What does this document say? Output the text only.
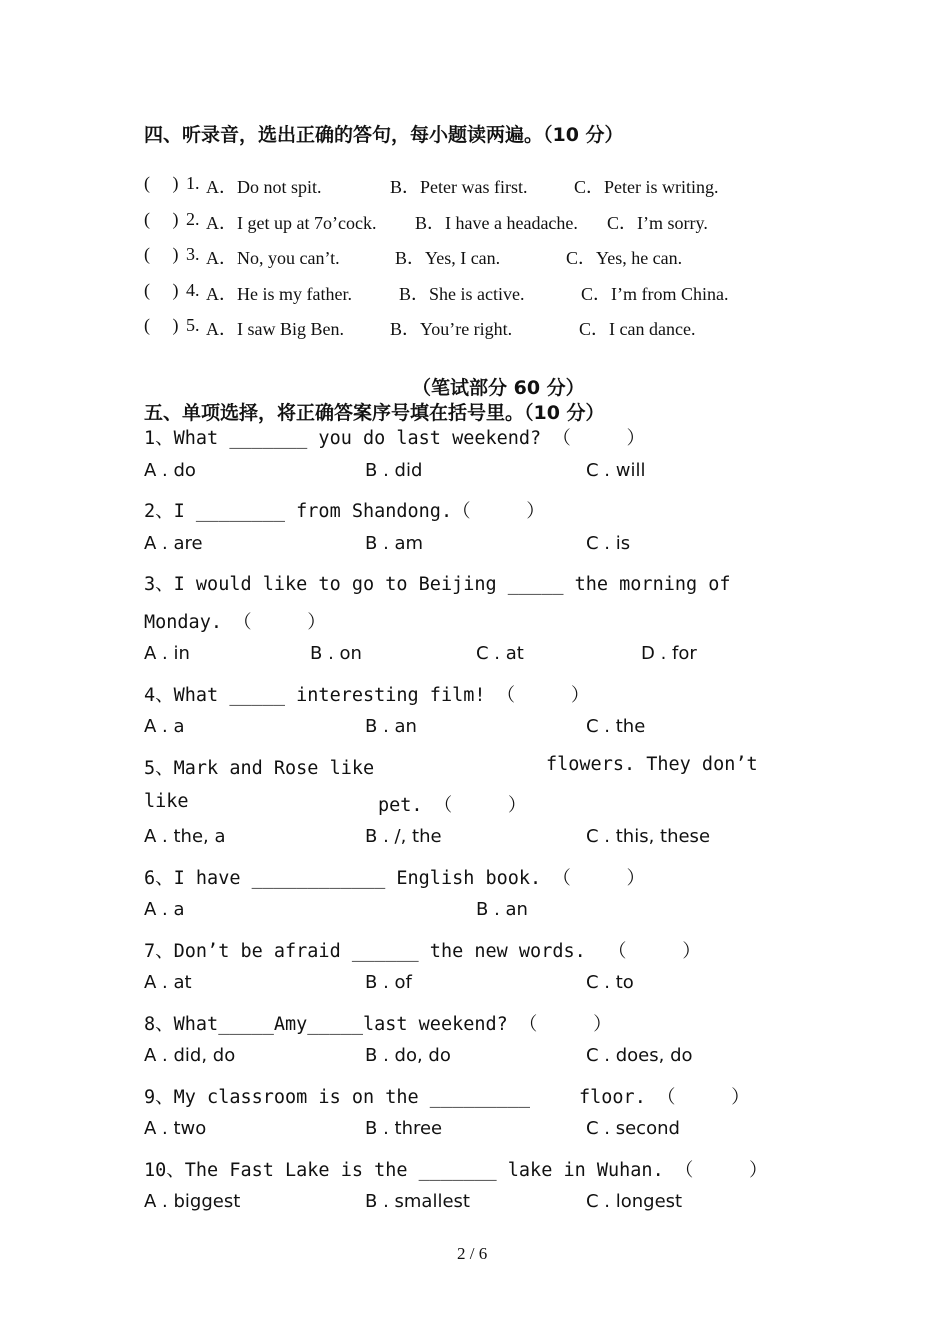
四、听录音，选出正确的答句，每小题读两遍。（10 分）
(     ) 1. A．Do not spit.	B．Peter was first.	C．Peter is writing.
(     ) 2. A．I get up at 7o’cock. B．I have a headache. C．I’m sorry.
(     ) 3. A．No, you can’t.	B．Yes, I can.	C．Yes, he can.
(     ) 4. A．He is my father.	B．She is active.	C．I’m from China.
(     ) 5. A．I saw Big Ben.	B．You’re right.	C．I can dance.
（笔试部分 60 分）
五、单项选择，将正确答案序号填在括号里。（10 分）
1、What _______ you do last weekend? （     ）
A . do	B . did	C . will
2、I ________ from Shandong.（     ）
A . are	B . am	C . is
3、I would like to go to Beijing _____ the morning of
Monday. （     ）
A . in	B . on	C . at	D . for
4、What _____ interesting film! （     ）
A . a	B . an	C . the
5、Mark and Rose like	flowers. They don’t
like	pet. （     ）
A . the, a	B . /, the	C . this, these
6、I have ____________ English book. （     ）
A . a	B . an
7、Don’t be afraid ______ the new words.  （     ）
A . at	B . of	C . to
8、What_____Amy_____last weekend? （     ）
A . did, do	B . do, do	C . does, do
9、My classroom is on the _________	floor. （     ）
A . two	B . three	C . second
10、The Fast Lake is the _______ lake in Wuhan. （     ）
A . biggest	B . smallest	C . longest
2 / 6
